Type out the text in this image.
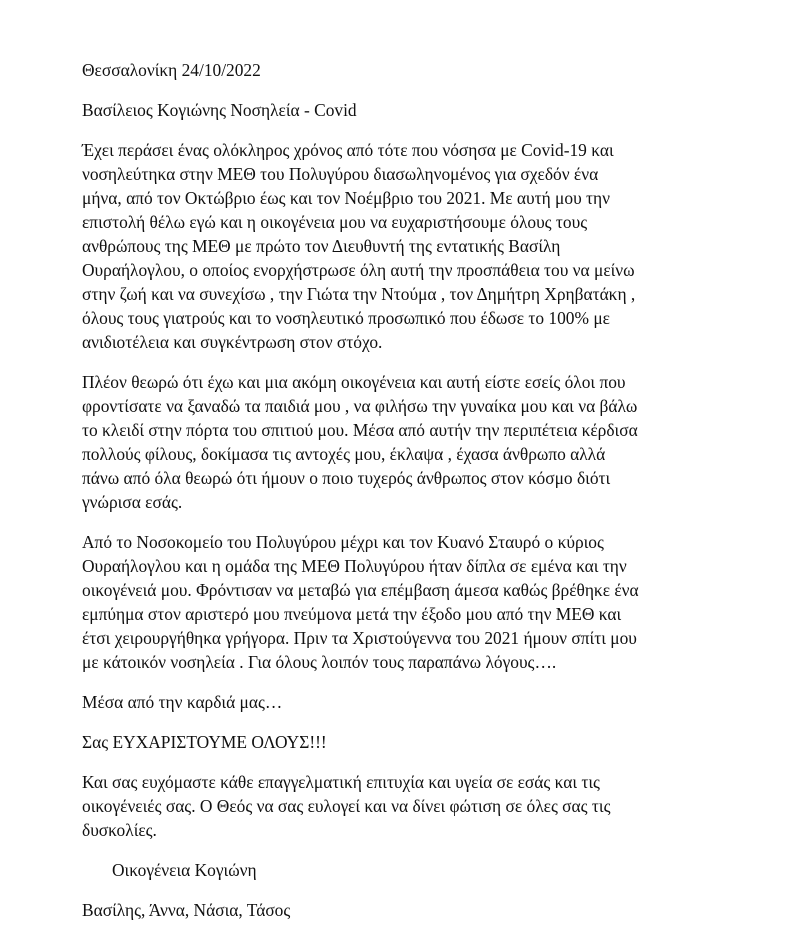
Θεσσαλονίκη 24/10/2022

Βασίλειος Κογιώνης Νοσηλεία - Covid

Έχει περάσει ένας ολόκληρος χρόνος από τότε που νόσησα με Covid-19 και
νοσηλεύτηκα στην ΜΕΘ του Πολυγύρου διασωληνομένος για σχεδόν ένα
μήνα, από τον Οκτώβριο έως και τον Νοέμβριο του 2021. Με αυτή μου την
επιστολή θέλω εγώ και η οικογένεια μου να ευχαριστήσουμε όλους τους
ανθρώπους της ΜΕΘ με πρώτο τον Διευθυντή της εντατικής Βασίλη
Ουραήλογλου, ο οποίος ενορχήστρωσε όλη αυτή την προσπάθεια του να μείνω
στην ζωή και να συνεχίσω , την Γιώτα την Ντούμα , τον Δημήτρη Χρηβατάκη ,
όλους τους γιατρούς και το νοσηλευτικό προσωπικό που έδωσε το 100% με
ανιδιοτέλεια και συγκέντρωση στον στόχο.

Πλέον θεωρώ ότι έχω και μια ακόμη οικογένεια και αυτή είστε εσείς όλοι που
φροντίσατε να ξαναδώ τα παιδιά μου , να φιλήσω την γυναίκα μου και να βάλω
το κλειδί στην πόρτα του σπιτιού μου. Μέσα από αυτήν την περιπέτεια κέρδισα
πολλούς φίλους, δοκίμασα τις αντοχές μου, έκλαψα , έχασα άνθρωπο αλλά
πάνω από όλα θεωρώ ότι ήμουν ο ποιο τυχερός άνθρωπος στον κόσμο διότι
γνώρισα εσάς.

Από το Νοσοκομείο του Πολυγύρου μέχρι και τον Κυανό Σταυρό ο κύριος
Ουραήλογλου και η ομάδα της ΜΕΘ Πολυγύρου ήταν δίπλα σε εμένα και την
οικογένειά μου. Φρόντισαν να μεταβώ για επέμβαση άμεσα καθώς βρέθηκε ένα
εμπύημα στον αριστερό μου πνεύμονα μετά την έξοδο μου από την ΜΕΘ και
έτσι χειρουργήθηκα γρήγορα. Πριν τα Χριστούγεννα του 2021 ήμουν σπίτι μου
με κάτοικόν νοσηλεία . Για όλους λοιπόν τους παραπάνω λόγους….

Μέσα από την καρδιά μας…

Σας ΕΥΧΑΡΙΣΤΟΥΜΕ ΟΛΟΥΣ!!!

Και σας ευχόμαστε κάθε επαγγελματική επιτυχία και υγεία σε εσάς και τις
οικογένειές σας. Ο Θεός να σας ευλογεί και να δίνει φώτιση σε όλες σας τις
δυσκολίες.

Οικογένεια Κογιώνη

Βασίλης, Άννα, Νάσια, Τάσος
